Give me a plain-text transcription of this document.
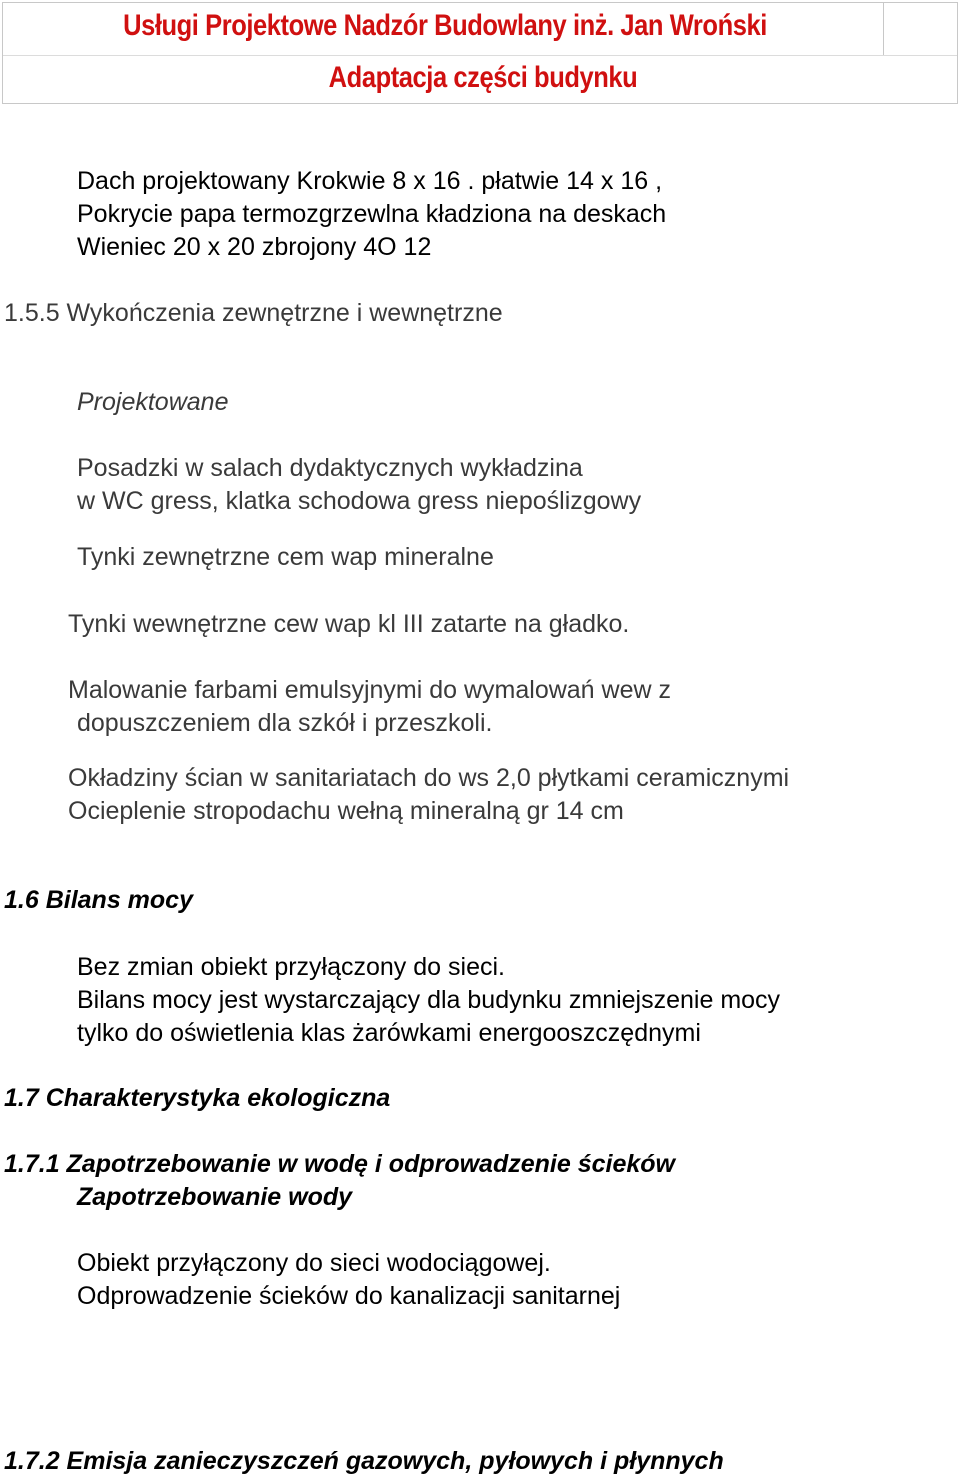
Usługi Projektowe Nadzór Budowlany inż. Jan Wroński
Adaptacja części budynku
Dach projektowany Krokwie 8 x 16 . płatwie 14 x 16 ,
Pokrycie papa termozgrzewlna kładziona na deskach
Wieniec 20 x 20 zbrojony 4O 12
1.5.5 Wykończenia zewnętrzne i wewnętrzne
Projektowane
Posadzki w salach dydaktycznych wykładzina
w WC gress, klatka schodowa gress niepoślizgowy
Tynki zewnętrzne cem wap mineralne
Tynki wewnętrzne cew wap kl III zatarte na gładko.
Malowanie farbami emulsyjnymi do wymalowań wew z
dopuszczeniem dla szkół i przeszkoli.
Okładziny ścian w sanitariatach do ws 2,0 płytkami ceramicznymi
Ocieplenie stropodachu wełną mineralną gr 14 cm
1.6 Bilans mocy
Bez zmian obiekt przyłączony do sieci.
Bilans mocy jest wystarczający dla budynku zmniejszenie mocy
tylko do oświetlenia klas żarówkami energooszczędnymi
1.7 Charakterystyka ekologiczna
1.7.1 Zapotrzebowanie w wodę i odprowadzenie ścieków
Zapotrzebowanie wody
Obiekt przyłączony do sieci wodociągowej.
Odprowadzenie ścieków do kanalizacji sanitarnej
1.7.2 Emisja zanieczyszczeń gazowych, pyłowych i płynnych
